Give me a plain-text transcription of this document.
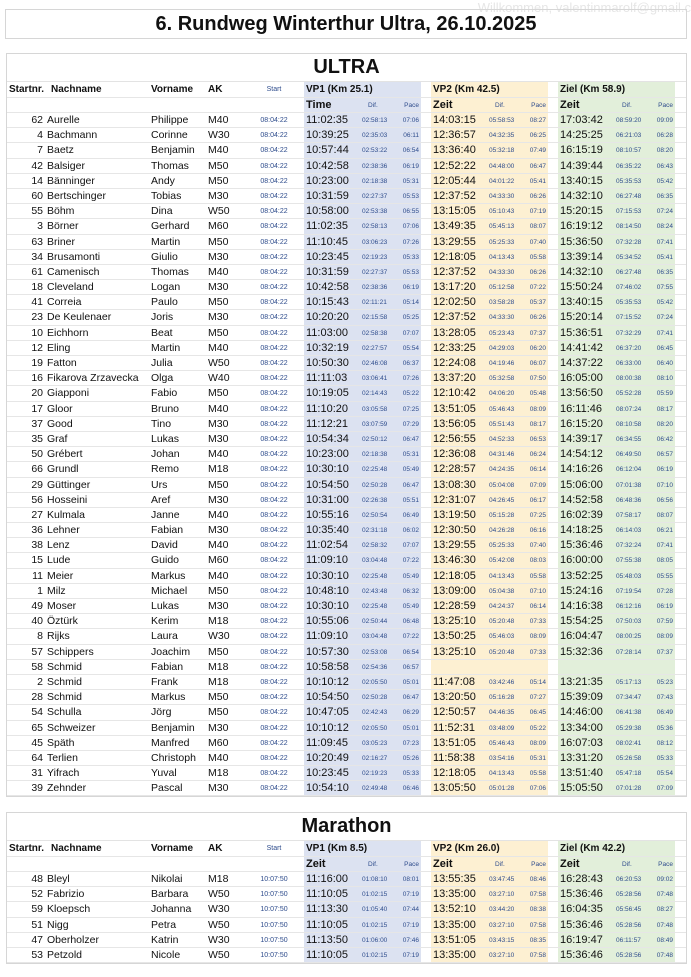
Willkommen, valentinmarolf@gmail.c
6. Rundweg Winterthur Ultra, 26.10.2025
ULTRA
Startnr. Nachname	Vorname	AK	Start	VP1 (Km 25.1)	VP2 (Km 42.5)	Ziel (Km 58.9)
Time	Dif.	Pace Zeit	Dif.	Pace Zeit	Dif.	Pace
62 Aurelle	Philippe	M40	08:04:22	11:02:35	02:58:13	07:06 14:03:15	05:58:53	08:27 17:03:42	08:59:20	09:09
4 Bachmann	Corinne	W30	08:04:22	10:39:25	02:35:03	06:11 12:36:57	04:32:35	06:25 14:25:25	06:21:03	06:28
7 Baetz	Benjamin	M40	08:04:22	10:57:44	02:53:22	06:54 13:36:40	05:32:18	07:49 16:15:19	08:10:57	08:20
42 Balsiger	Thomas	M50	08:04:22	10:42:58	02:38:36	06:19 12:52:22	04:48:00	06:47 14:39:44	06:35:22	06:43
14 Bänninger	Andy	M50	08:04:22	10:23:00	02:18:38	05:31 12:05:44	04:01:22	05:41 13:40:15	05:35:53	05:42
60 Bertschinger	Tobias	M30	08:04:22	10:31:59	02:27:37	05:53 12:37:52	04:33:30	06:26 14:32:10	06:27:48	06:35
55 Böhm	Dina	W50	08:04:22	10:58:00	02:53:38	06:55 13:15:05	05:10:43	07:19 15:20:15	07:15:53	07:24
3 Börner	Gerhard	M60	08:04:22	11:02:35	02:58:13	07:06 13:49:35	05:45:13	08:07 16:19:12	08:14:50	08:24
63 Briner	Martin	M50	08:04:22	11:10:45	03:06:23	07:26 13:29:55	05:25:33	07:40 15:36:50	07:32:28	07:41
34 Brusamonti	Giulio	M30	08:04:22	10:23:45	02:19:23	05:33 12:18:05	04:13:43	05:58 13:39:14	05:34:52	05:41
61 Camenisch	Thomas	M40	08:04:22	10:31:59	02:27:37	05:53 12:37:52	04:33:30	06:26 14:32:10	06:27:48	06:35
18 Cleveland	Logan	M30	08:04:22	10:42:58	02:38:36	06:19 13:17:20	05:12:58	07:22 15:50:24	07:46:02	07:55
41 Correia	Paulo	M50	08:04:22	10:15:43	02:11:21	05:14 12:02:50	03:58:28	05:37 13:40:15	05:35:53	05:42
23 De Keulenaer	Joris	M30	08:04:22	10:20:20	02:15:58	05:25 12:37:52	04:33:30	06:26 15:20:14	07:15:52	07:24
10 Eichhorn	Beat	M50	08:04:22	11:03:00	02:58:38	07:07 13:28:05	05:23:43	07:37 15:36:51	07:32:29	07:41
12 Eling	Martin	M40	08:04:22	10:32:19	02:27:57	05:54 12:33:25	04:29:03	06:20 14:41:42	06:37:20	06:45
19 Fatton	Julia	W50	08:04:22	10:50:30	02:46:08	06:37 12:24:08	04:19:46	06:07 14:37:22	06:33:00	06:40
16 Fikarova Zrzavecka	Olga	W40	08:04:22	11:11:03	03:06:41	07:26 13:37:20	05:32:58	07:50 16:05:00	08:00:38	08:10
20 Giapponi	Fabio	M50	08:04:22	10:19:05	02:14:43	05:22 12:10:42	04:06:20	05:48 13:56:50	05:52:28	05:59
17 Gloor	Bruno	M40	08:04:22	11:10:20	03:05:58	07:25 13:51:05	05:46:43	08:09 16:11:46	08:07:24	08:17
37 Good	Tino	M30	08:04:22	11:12:21	03:07:59	07:29 13:56:05	05:51:43	08:17 16:15:20	08:10:58	08:20
35 Graf	Lukas	M30	08:04:22	10:54:34	02:50:12	06:47 12:56:55	04:52:33	06:53 14:39:17	06:34:55	06:42
50 Grébert	Johan	M40	08:04:22	10:23:00	02:18:38	05:31 12:36:08	04:31:46	06:24 14:54:12	06:49:50	06:57
66 Grundl	Remo	M18	08:04:22	10:30:10	02:25:48	05:49 12:28:57	04:24:35	06:14 14:16:26	06:12:04	06:19
29 Güttinger	Urs	M50	08:04:22	10:54:50	02:50:28	06:47 13:08:30	05:04:08	07:09 15:06:00	07:01:38	07:10
56 Hosseini	Aref	M30	08:04:22	10:31:00	02:26:38	05:51 12:31:07	04:26:45	06:17 14:52:58	06:48:36	06:56
27 Kulmala	Janne	M40	08:04:22	10:55:16	02:50:54	06:49 13:19:50	05:15:28	07:25 16:02:39	07:58:17	08:07
36 Lehner	Fabian	M30	08:04:22	10:35:40	02:31:18	06:02 12:30:50	04:26:28	06:16 14:18:25	06:14:03	06:21
38 Lenz	David	M40	08:04:22	11:02:54	02:58:32	07:07 13:29:55	05:25:33	07:40 15:36:46	07:32:24	07:41
15 Lude	Guido	M60	08:04:22	11:09:10	03:04:48	07:22 13:46:30	05:42:08	08:03 16:00:00	07:55:38	08:05
11 Meier	Markus	M40	08:04:22	10:30:10	02:25:48	05:49 12:18:05	04:13:43	05:58 13:52:25	05:48:03	05:55
1 Milz	Michael	M50	08:04:22	10:48:10	02:43:48	06:32 13:09:00	05:04:38	07:10 15:24:16	07:19:54	07:28
49 Moser	Lukas	M30	08:04:22	10:30:10	02:25:48	05:49 12:28:59	04:24:37	06:14 14:16:38	06:12:16	06:19
40 Öztürk	Kerim	M18	08:04:22	10:55:06	02:50:44	06:48 13:25:10	05:20:48	07:33 15:54:25	07:50:03	07:59
8 Rijks	Laura	W30	08:04:22	11:09:10	03:04:48	07:22 13:50:25	05:46:03	08:09 16:04:47	08:00:25	08:09
57 Schippers	Joachim	M50	08:04:22	10:57:30	02:53:08	06:54 13:25:10	05:20:48	07:33 15:32:36	07:28:14	07:37
58 Schmid	Fabian	M18	08:04:22	10:58:58	02:54:36	06:57
2 Schmid	Frank	M18	08:04:22	10:10:12	02:05:50	05:01 11:47:08	03:42:46	05:14 13:21:35	05:17:13	05:23
28 Schmid	Markus	M50	08:04:22	10:54:50	02:50:28	06:47 13:20:50	05:16:28	07:27 15:39:09	07:34:47	07:43
54 Schulla	Jörg	M50	08:04:22	10:47:05	02:42:43	06:29 12:50:57	04:46:35	06:45 14:46:00	06:41:38	06:49
65 Schweizer	Benjamin	M30	08:04:22	10:10:12	02:05:50	05:01 11:52:31	03:48:09	05:22 13:34:00	05:29:38	05:36
45 Späth	Manfred	M60	08:04:22	11:09:45	03:05:23	07:23 13:51:05	05:46:43	08:09 16:07:03	08:02:41	08:12
64 Terlien	Christoph	M40	08:04:22	10:20:49	02:16:27	05:26 11:58:38	03:54:16	05:31 13:31:20	05:26:58	05:33
31 Yifrach	Yuval	M18	08:04:22	10:23:45	02:19:23	05:33 12:18:05	04:13:43	05:58 13:51:40	05:47:18	05:54
39 Zehnder	Pascal	M30	08:04:22	10:54:10	02:49:48	06:46 13:05:50	05:01:28	07:06 15:05:50	07:01:28	07:09
Marathon
Startnr. Nachname	Vorname	AK	Start	VP1 (Km 8.5)	VP2 (Km 26.0)	Ziel (Km 42.2)
Zeit	Dif.	Pace Zeit	Dif.	Pace Zeit	Dif.	Pace
48 Bleyl	Nikolai	M18	10:07:50	11:16:00	01:08:10	08:01 13:55:35	03:47:45	08:46 16:28:43	06:20:53	09:02
52 Fabrizio	Barbara	W50	10:07:50	11:10:05	01:02:15	07:19 13:35:00	03:27:10	07:58 15:36:46	05:28:56	07:48
59 Kloepsch	Johanna	W30	10:07:50	11:13:30	01:05:40	07:44 13:52:10	03:44:20	08:38 16:04:35	05:56:45	08:27
51 Nigg	Petra	W50	10:07:50	11:10:05	01:02:15	07:19 13:35:00	03:27:10	07:58 15:36:46	05:28:56	07:48
47 Oberholzer	Katrin	W30	10:07:50	11:13:50	01:06:00	07:46 13:51:05	03:43:15	08:35 16:19:47	06:11:57	08:49
53 Petzold	Nicole	W50	10:07:50	11:10:05	01:02:15	07:19 13:35:00	03:27:10	07:58 15:36:46	05:28:56	07:48
